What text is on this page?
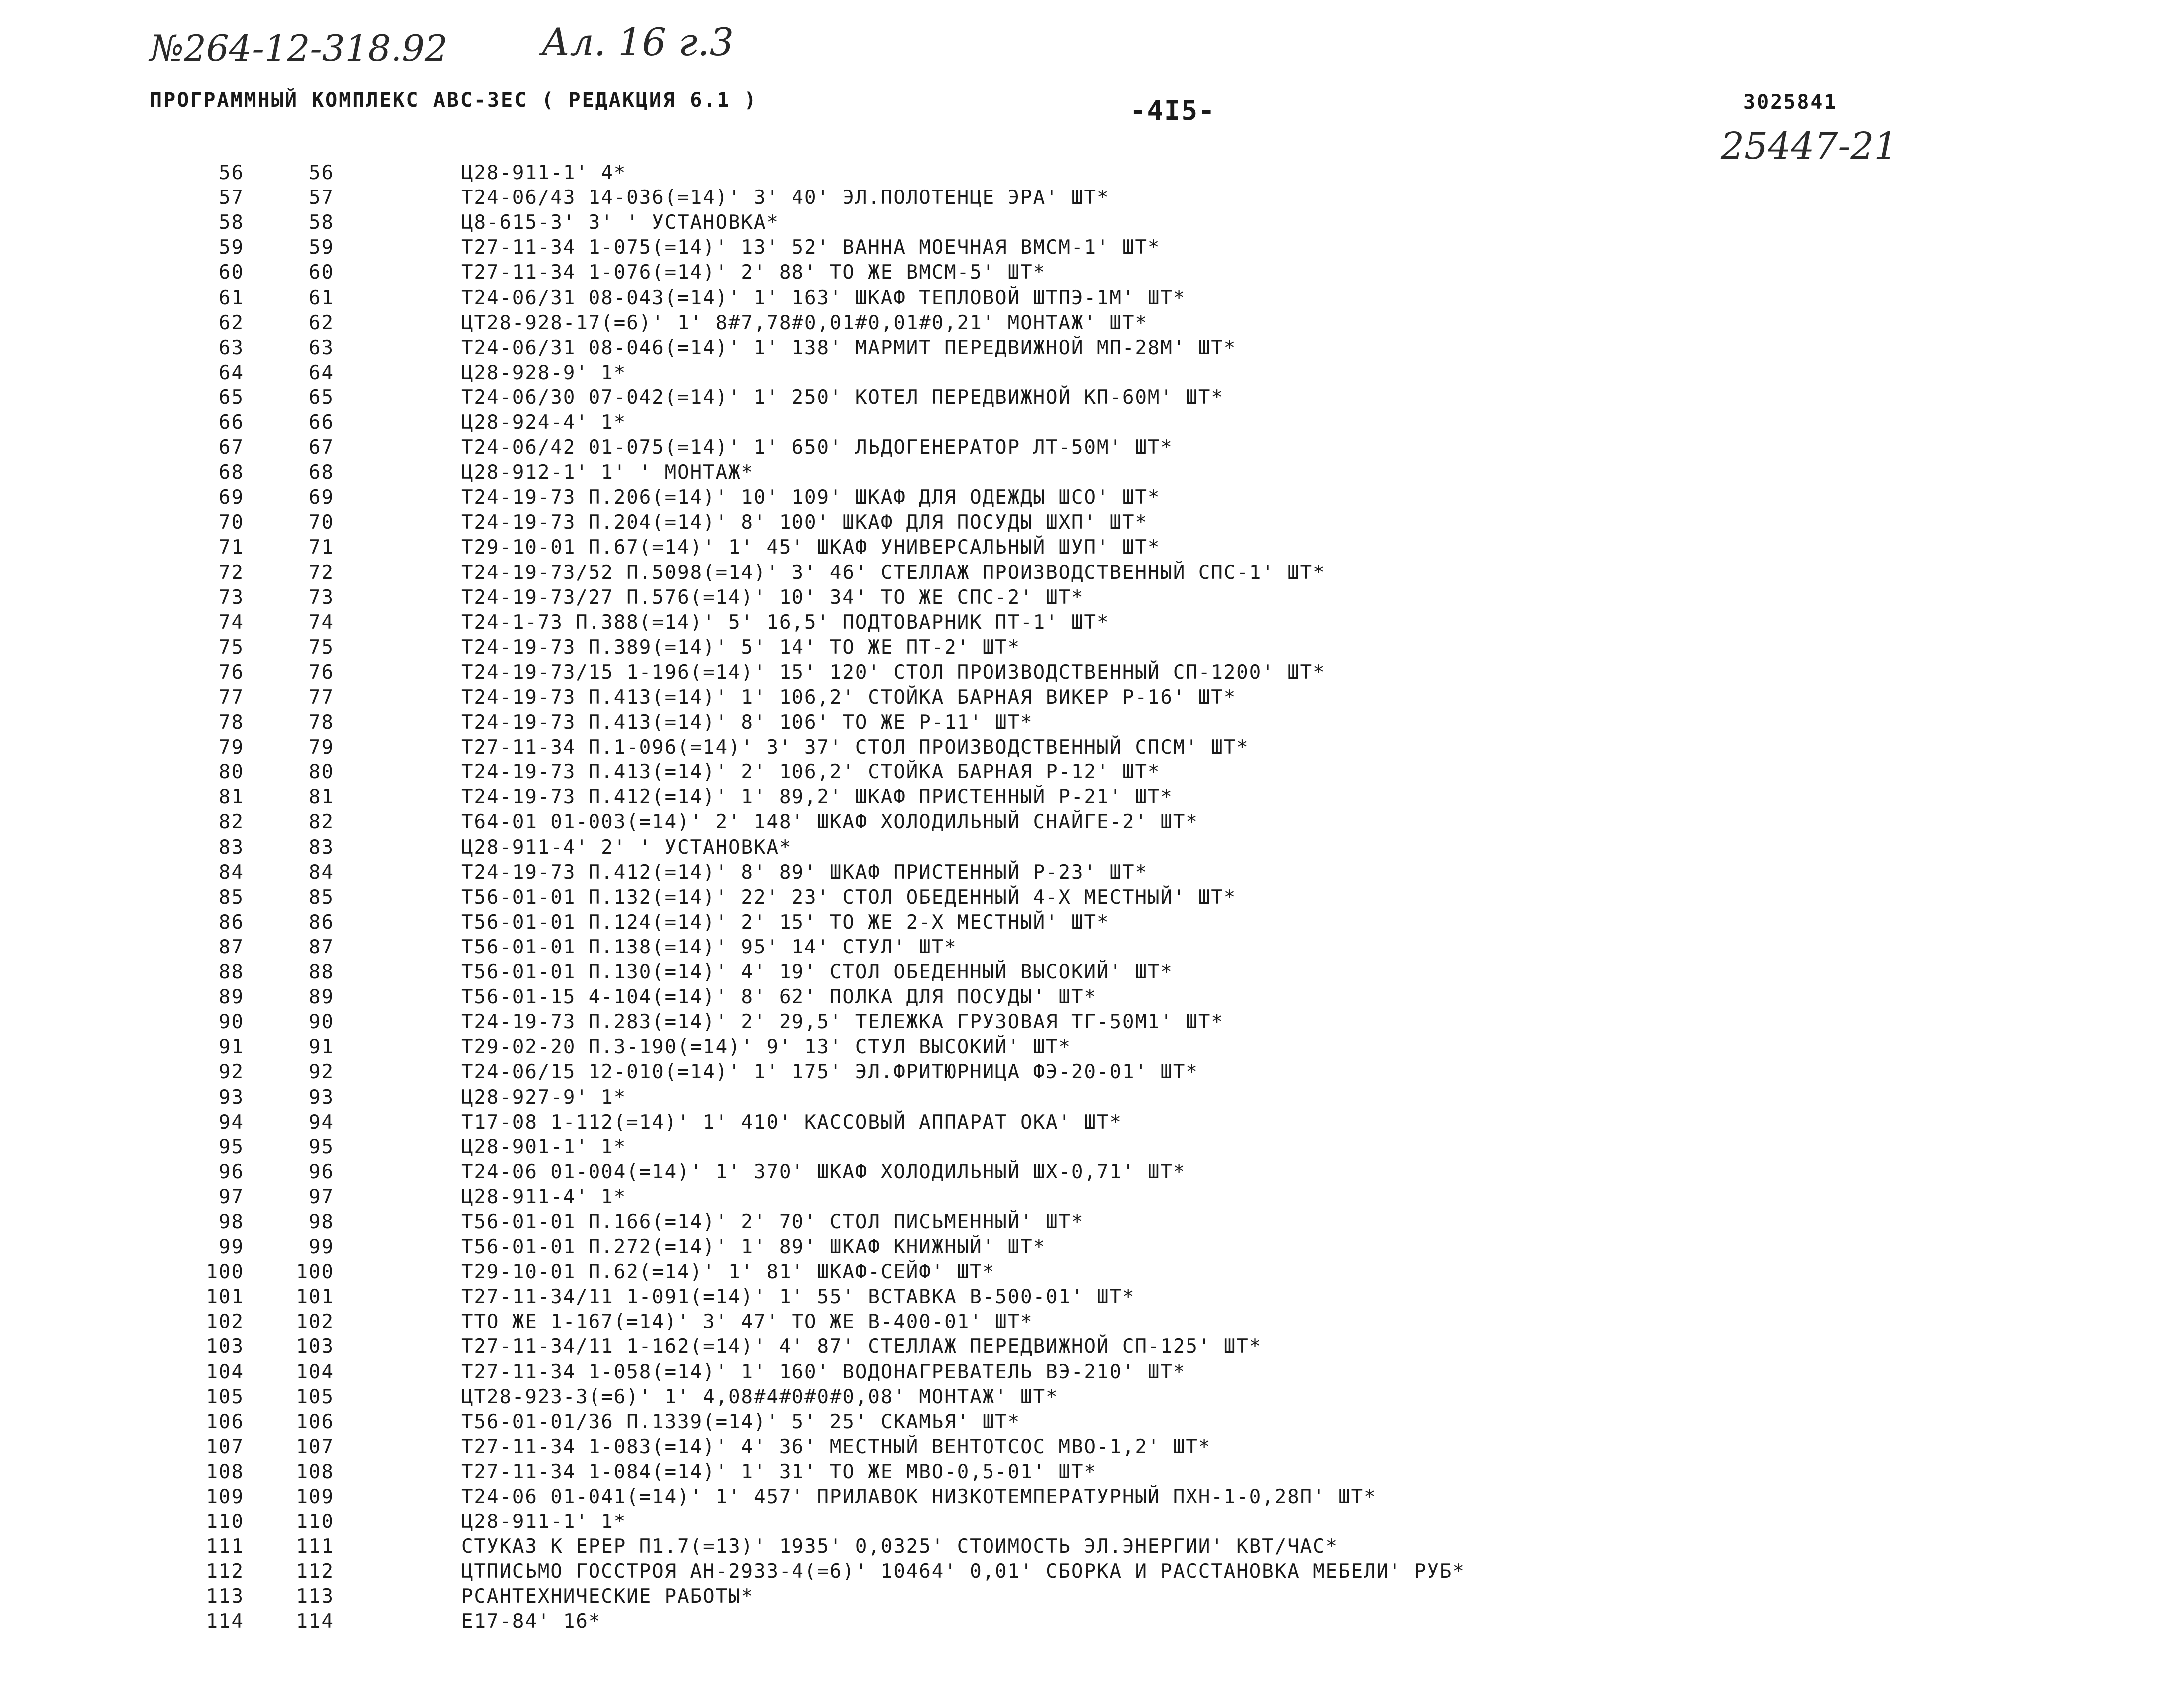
№264-12-318.92 Ал. 16 г.3
25447-21
ПРОГРАММНЫЙ КОМПЛЕКС АВС-3ЕС ( РЕДАКЦИЯ 6.1 )	-4I5-	3025841
56	56	Ц28-911-1' 4*
57	57	Т24-06/43 14-036(=14)' 3' 40' ЭЛ.ПОЛОТЕНЦЕ ЭРА' ШТ*
58	58	Ц8-615-3' 3' ' УСТАНОВКА*
59	59	Т27-11-34 1-075(=14)' 13' 52' ВАННА МОЕЧНАЯ ВМСМ-1' ШТ*
60	60	Т27-11-34 1-076(=14)' 2' 88' ТО ЖЕ ВМСМ-5' ШТ*
61	61	Т24-06/31 08-043(=14)' 1' 163' ШКАФ ТЕПЛОВОЙ ШТПЭ-1М' ШТ*
62	62	ЦТ28-928-17(=6)' 1' 8#7,78#0,01#0,01#0,21' МОНТАЖ' ШТ*
63	63	Т24-06/31 08-046(=14)' 1' 138' МАРМИТ ПЕРЕДВИЖНОЙ МП-28М' ШТ*
64	64	Ц28-928-9' 1*
65	65	Т24-06/30 07-042(=14)' 1' 250' КОТЕЛ ПЕРЕДВИЖНОЙ КП-60М' ШТ*
66	66	Ц28-924-4' 1*
67	67	Т24-06/42 01-075(=14)' 1' 650' ЛЬДОГЕНЕРАТОР ЛТ-50М' ШТ*
68	68	Ц28-912-1' 1' ' МОНТАЖ*
69	69	Т24-19-73 П.206(=14)' 10' 109' ШКАФ ДЛЯ ОДЕЖДЫ ШСО' ШТ*
70	70	Т24-19-73 П.204(=14)' 8' 100' ШКАФ ДЛЯ ПОСУДЫ ШХП' ШТ*
71	71	Т29-10-01 П.67(=14)' 1' 45' ШКАФ УНИВЕРСАЛЬНЫЙ ШУП' ШТ*
72	72	Т24-19-73/52 П.5098(=14)' 3' 46' СТЕЛЛАЖ ПРОИЗВОДСТВЕННЫЙ СПС-1' ШТ*
73	73	Т24-19-73/27 П.576(=14)' 10' 34' ТО ЖЕ СПС-2' ШТ*
74	74	Т24-1-73 П.388(=14)' 5' 16,5' ПОДТОВАРНИК ПТ-1' ШТ*
75	75	Т24-19-73 П.389(=14)' 5' 14' ТО ЖЕ ПТ-2' ШТ*
76	76	Т24-19-73/15 1-196(=14)' 15' 120' СТОЛ ПРОИЗВОДСТВЕННЫЙ СП-1200' ШТ*
77	77	Т24-19-73 П.413(=14)' 1' 106,2' СТОЙКА БАРНАЯ ВИКЕР Р-16' ШТ*
78	78	Т24-19-73 П.413(=14)' 8' 106' ТО ЖЕ Р-11' ШТ*
79	79	Т27-11-34 П.1-096(=14)' 3' 37' СТОЛ ПРОИЗВОДСТВЕННЫЙ СПСМ' ШТ*
80	80	Т24-19-73 П.413(=14)' 2' 106,2' СТОЙКА БАРНАЯ Р-12' ШТ*
81	81	Т24-19-73 П.412(=14)' 1' 89,2' ШКАФ ПРИСТЕННЫЙ Р-21' ШТ*
82	82	Т64-01 01-003(=14)' 2' 148' ШКАФ ХОЛОДИЛЬНЫЙ СНАЙГЕ-2' ШТ*
83	83	Ц28-911-4' 2' ' УСТАНОВКА*
84	84	Т24-19-73 П.412(=14)' 8' 89' ШКАФ ПРИСТЕННЫЙ Р-23' ШТ*
85	85	Т56-01-01 П.132(=14)' 22' 23' СТОЛ ОБЕДЕННЫЙ 4-Х МЕСТНЫЙ' ШТ*
86	86	Т56-01-01 П.124(=14)' 2' 15' ТО ЖЕ 2-Х МЕСТНЫЙ' ШТ*
87	87	Т56-01-01 П.138(=14)' 95' 14' СТУЛ' ШТ*
88	88	Т56-01-01 П.130(=14)' 4' 19' СТОЛ ОБЕДЕННЫЙ ВЫСОКИЙ' ШТ*
89	89	Т56-01-15 4-104(=14)' 8' 62' ПОЛКА ДЛЯ ПОСУДЫ' ШТ*
90	90	Т24-19-73 П.283(=14)' 2' 29,5' ТЕЛЕЖКА ГРУЗОВАЯ ТГ-50М1' ШТ*
91	91	Т29-02-20 П.3-190(=14)' 9' 13' СТУЛ ВЫСОКИЙ' ШТ*
92	92	Т24-06/15 12-010(=14)' 1' 175' ЭЛ.ФРИТЮРНИЦА ФЭ-20-01' ШТ*
93	93	Ц28-927-9' 1*
94	94	Т17-08 1-112(=14)' 1' 410' КАССОВЫЙ АППАРАТ ОКА' ШТ*
95	95	Ц28-901-1' 1*
96	96	Т24-06 01-004(=14)' 1' 370' ШКАФ ХОЛОДИЛЬНЫЙ ШХ-0,71' ШТ*
97	97	Ц28-911-4' 1*
98	98	Т56-01-01 П.166(=14)' 2' 70' СТОЛ ПИСЬМЕННЫЙ' ШТ*
99	99	Т56-01-01 П.272(=14)' 1' 89' ШКАФ КНИЖНЫЙ' ШТ*
100	100	Т29-10-01 П.62(=14)' 1' 81' ШКАФ-СЕЙФ' ШТ*
101	101	Т27-11-34/11 1-091(=14)' 1' 55' ВСТАВКА В-500-01' ШТ*
102	102	ТТО ЖЕ 1-167(=14)' 3' 47' ТО ЖЕ В-400-01' ШТ*
103	103	Т27-11-34/11 1-162(=14)' 4' 87' СТЕЛЛАЖ ПЕРЕДВИЖНОЙ СП-125' ШТ*
104	104	Т27-11-34 1-058(=14)' 1' 160' ВОДОНАГРЕВАТЕЛЬ ВЭ-210' ШТ*
105	105	ЦТ28-923-3(=6)' 1' 4,08#4#0#0#0,08' МОНТАЖ' ШТ*
106	106	Т56-01-01/36 П.1339(=14)' 5' 25' СКАМЬЯ' ШТ*
107	107	Т27-11-34 1-083(=14)' 4' 36' МЕСТНЫЙ ВЕНТОТСОС МВО-1,2' ШТ*
108	108	Т27-11-34 1-084(=14)' 1' 31' ТО ЖЕ МВО-0,5-01' ШТ*
109	109	Т24-06 01-041(=14)' 1' 457' ПРИЛАВОК НИЗКОТЕМПЕРАТУРНЫЙ ПХН-1-0,28П' ШТ*
110	110	Ц28-911-1' 1*
111	111	СТУКАЗ К ЕРЕР П1.7(=13)' 1935' 0,0325' СТОИМОСТЬ ЭЛ.ЭНЕРГИИ' КВТ/ЧАС*
112	112	ЦТПИСЬМО ГОССТРОЯ АН-2933-4(=6)' 10464' 0,01' СБОРКА И РАССТАНОВКА МЕБЕЛИ' РУБ*
113	113	РСАНТЕХНИЧЕСКИЕ РАБОТЫ*
114	114	Е17-84' 16*
